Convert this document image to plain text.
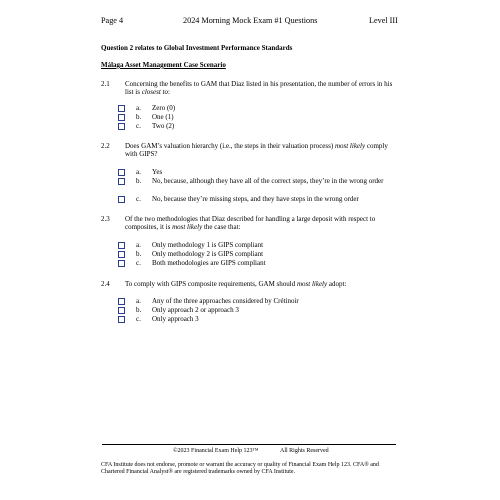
Page 4	2024 Morning Mock Exam #1 Questions	Level III
Question 2 relates to Global Investment Performance Standards
Málaga Asset Management Case Scenario
2.1	Concerning the benefits to GAM that Diaz listed in his presentation, the number of errors in his list is closest to:
a. Zero (0)
b. One (1)
c. Two (2)
2.2	Does GAM’s valuation hierarchy (i.e., the steps in their valuation process) most likely comply with GIPS?
a. Yes
b. No, because, although they have all of the correct steps, they’re in the wrong order
c. No, because they’re missing steps, and they have steps in the wrong order
2.3	Of the two methodologies that Diaz described for handling a large deposit with respect to composites, it is most likely the case that:
a. Only methodology 1 is GIPS compliant
b. Only methodology 2 is GIPS compliant
c. Both methodologies are GIPS compliant
2.4	To comply with GIPS composite requirements, GAM should most likely adopt:
a. Any of the three approaches considered by Crétinoir
b. Only approach 2 or approach 3
c. Only approach 3
©2023 Financial Exam Help 123™	All Rights Reserved
CFA Institute does not endorse, promote or warrant the accuracy or quality of Financial Exam Help 123. CFA® and Chartered Financial Analyst® are registered trademarks owned by CFA Institute.
